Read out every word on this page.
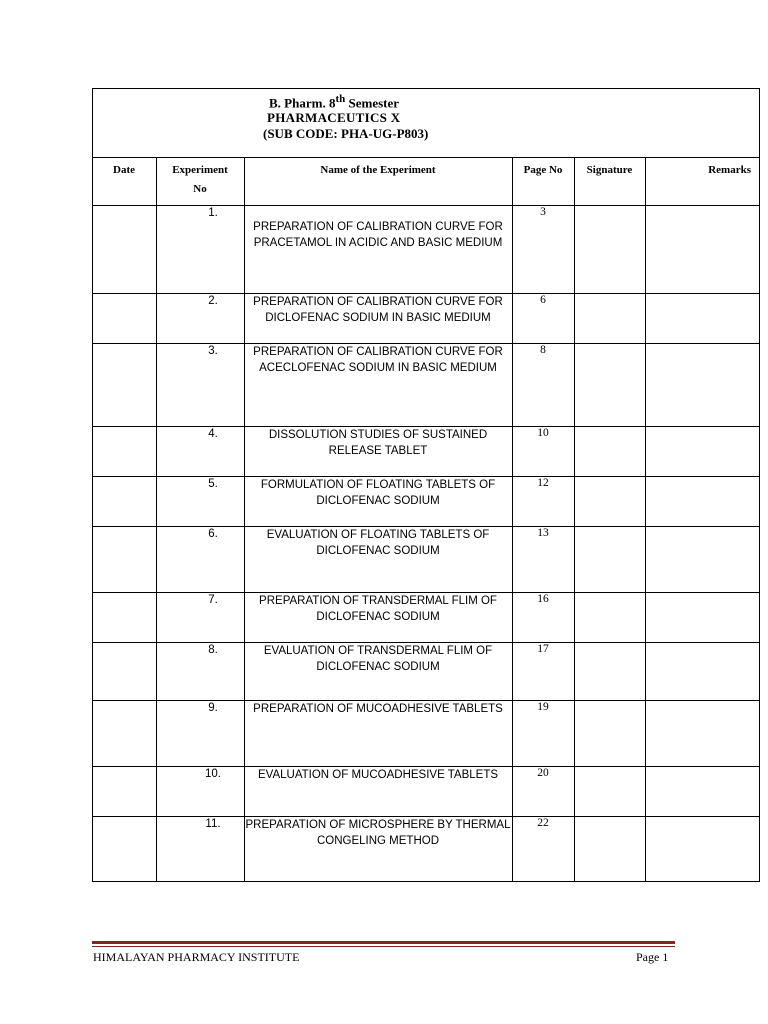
B. Pharm. 8th Semester
PHARMACEUTICS X
(SUB CODE: PHA-UG-P803)
Date	Experiment No	Name of the Experiment	Page No	Signature	Remarks
	1.	PREPARATION OF CALIBRATION CURVE FOR PRACETAMOL IN ACIDIC AND BASIC MEDIUM	3		
	2.	PREPARATION OF CALIBRATION CURVE FOR DICLOFENAC SODIUM IN BASIC MEDIUM	6		
	3.	PREPARATION OF CALIBRATION CURVE FOR ACECLOFENAC SODIUM IN BASIC MEDIUM	8		
	4.	DISSOLUTION STUDIES OF SUSTAINED RELEASE TABLET	10		
	5.	FORMULATION OF FLOATING TABLETS OF DICLOFENAC SODIUM	12		
	6.	EVALUATION OF FLOATING TABLETS OF DICLOFENAC SODIUM	13		
	7.	PREPARATION OF TRANSDERMAL FLIM OF DICLOFENAC SODIUM	16		
	8.	EVALUATION OF TRANSDERMAL FLIM OF DICLOFENAC SODIUM	17		
	9.	PREPARATION OF MUCOADHESIVE TABLETS	19		
	10.	EVALUATION OF MUCOADHESIVE TABLETS	20		
	11.	PREPARATION OF MICROSPHERE BY THERMAL CONGELING METHOD	22		
HIMALAYAN PHARMACY INSTITUTE	Page 1
